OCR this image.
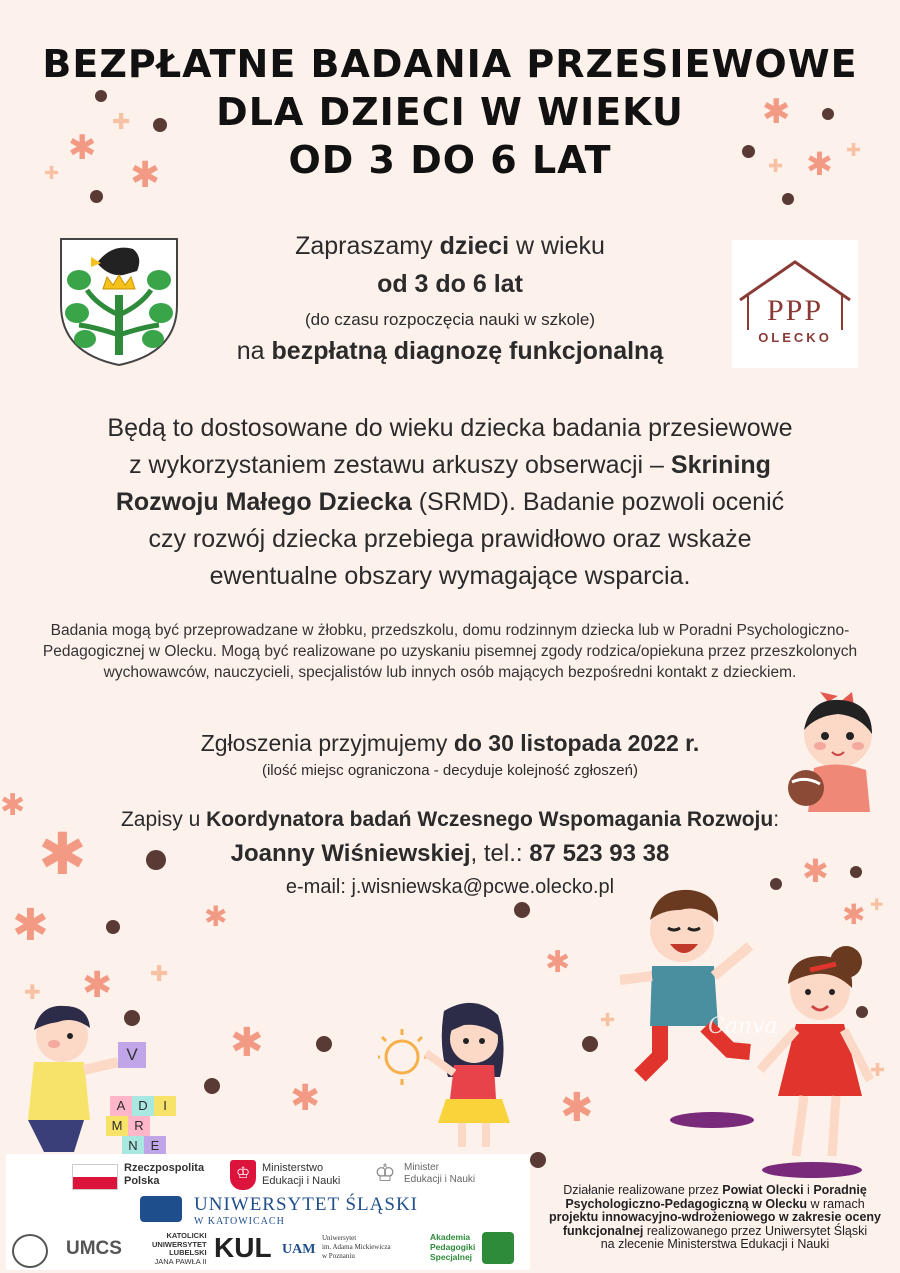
✱
✱
✚
✚
✱
✱ ✚
✚
✱
✱
✱	✱
✱ ✚
✚
✱
✱
✱
✱
✱
✱ ✚
✚
✚
BEZPŁATNE BADANIA PRZESIEWOWE
DLA DZIECI W WIEKU
OD 3 DO 6 LAT
PPP
OLECKO
Zapraszamy dzieci w wieku
od 3 do 6 lat
(do czasu rozpoczęcia nauki w szkole)
na bezpłatną diagnozę funkcjonalną
Będą to dostosowane do wieku dziecka badania przesiewowe
z wykorzystaniem zestawu arkuszy obserwacji – Skrining
Rozwoju Małego Dziecka (SRMD). Badanie pozwoli ocenić
czy rozwój dziecka przebiega prawidłowo oraz wskaże
ewentualne obszary wymagające wsparcia.
Badania mogą być przeprowadzane w żłobku, przedszkolu, domu rodzinnym dziecka lub w Poradni Psychologiczno-
Pedagogicznej w Olecku. Mogą być realizowane po uzyskaniu pisemnej zgody rodzica/opiekuna przez przeszkolonych
wychowawców, nauczycieli, specjalistów lub innych osób mających bezpośredni kontakt z dzieckiem.
Zgłoszenia przyjmujemy do 30 listopada 2022 r.
(ilość miejsc ograniczona - decyduje kolejność zgłoszeń)
Zapisy u Koordynatora badań Wczesnego Wspomagania Rozwoju:
Joanny Wiśniewskiej, tel.: 87 523 93 38
e-mail: j.wisniewska@pcwe.olecko.pl
V
A D	I
M R
N E
Canva
Rzeczpospolita
Polska	♔	Ministerstwo
Edukacji i Nauki ♔ Minister
Edukacji i Nauki
UNIWERSYTET ŚLĄSKI
W KATOWICACH
UMCS
KATOLICKI
UNIWERSYTET
LUBELSKI
JANA PAWŁA II KUL UAM
Uniwersytet
im. Adama Mickiewicza
w Poznaniu
Akademia
Pedagogiki
Specjalnej
Działanie realizowane przez Powiat Olecki i Poradnię
Psychologiczno-Pedagogiczną w Olecku w ramach
projektu innowacyjno-wdrożeniowego w zakresie oceny
funkcjonalnej realizowanego przez Uniwersytet Śląski
na zlecenie Ministerstwa Edukacji i Nauki
